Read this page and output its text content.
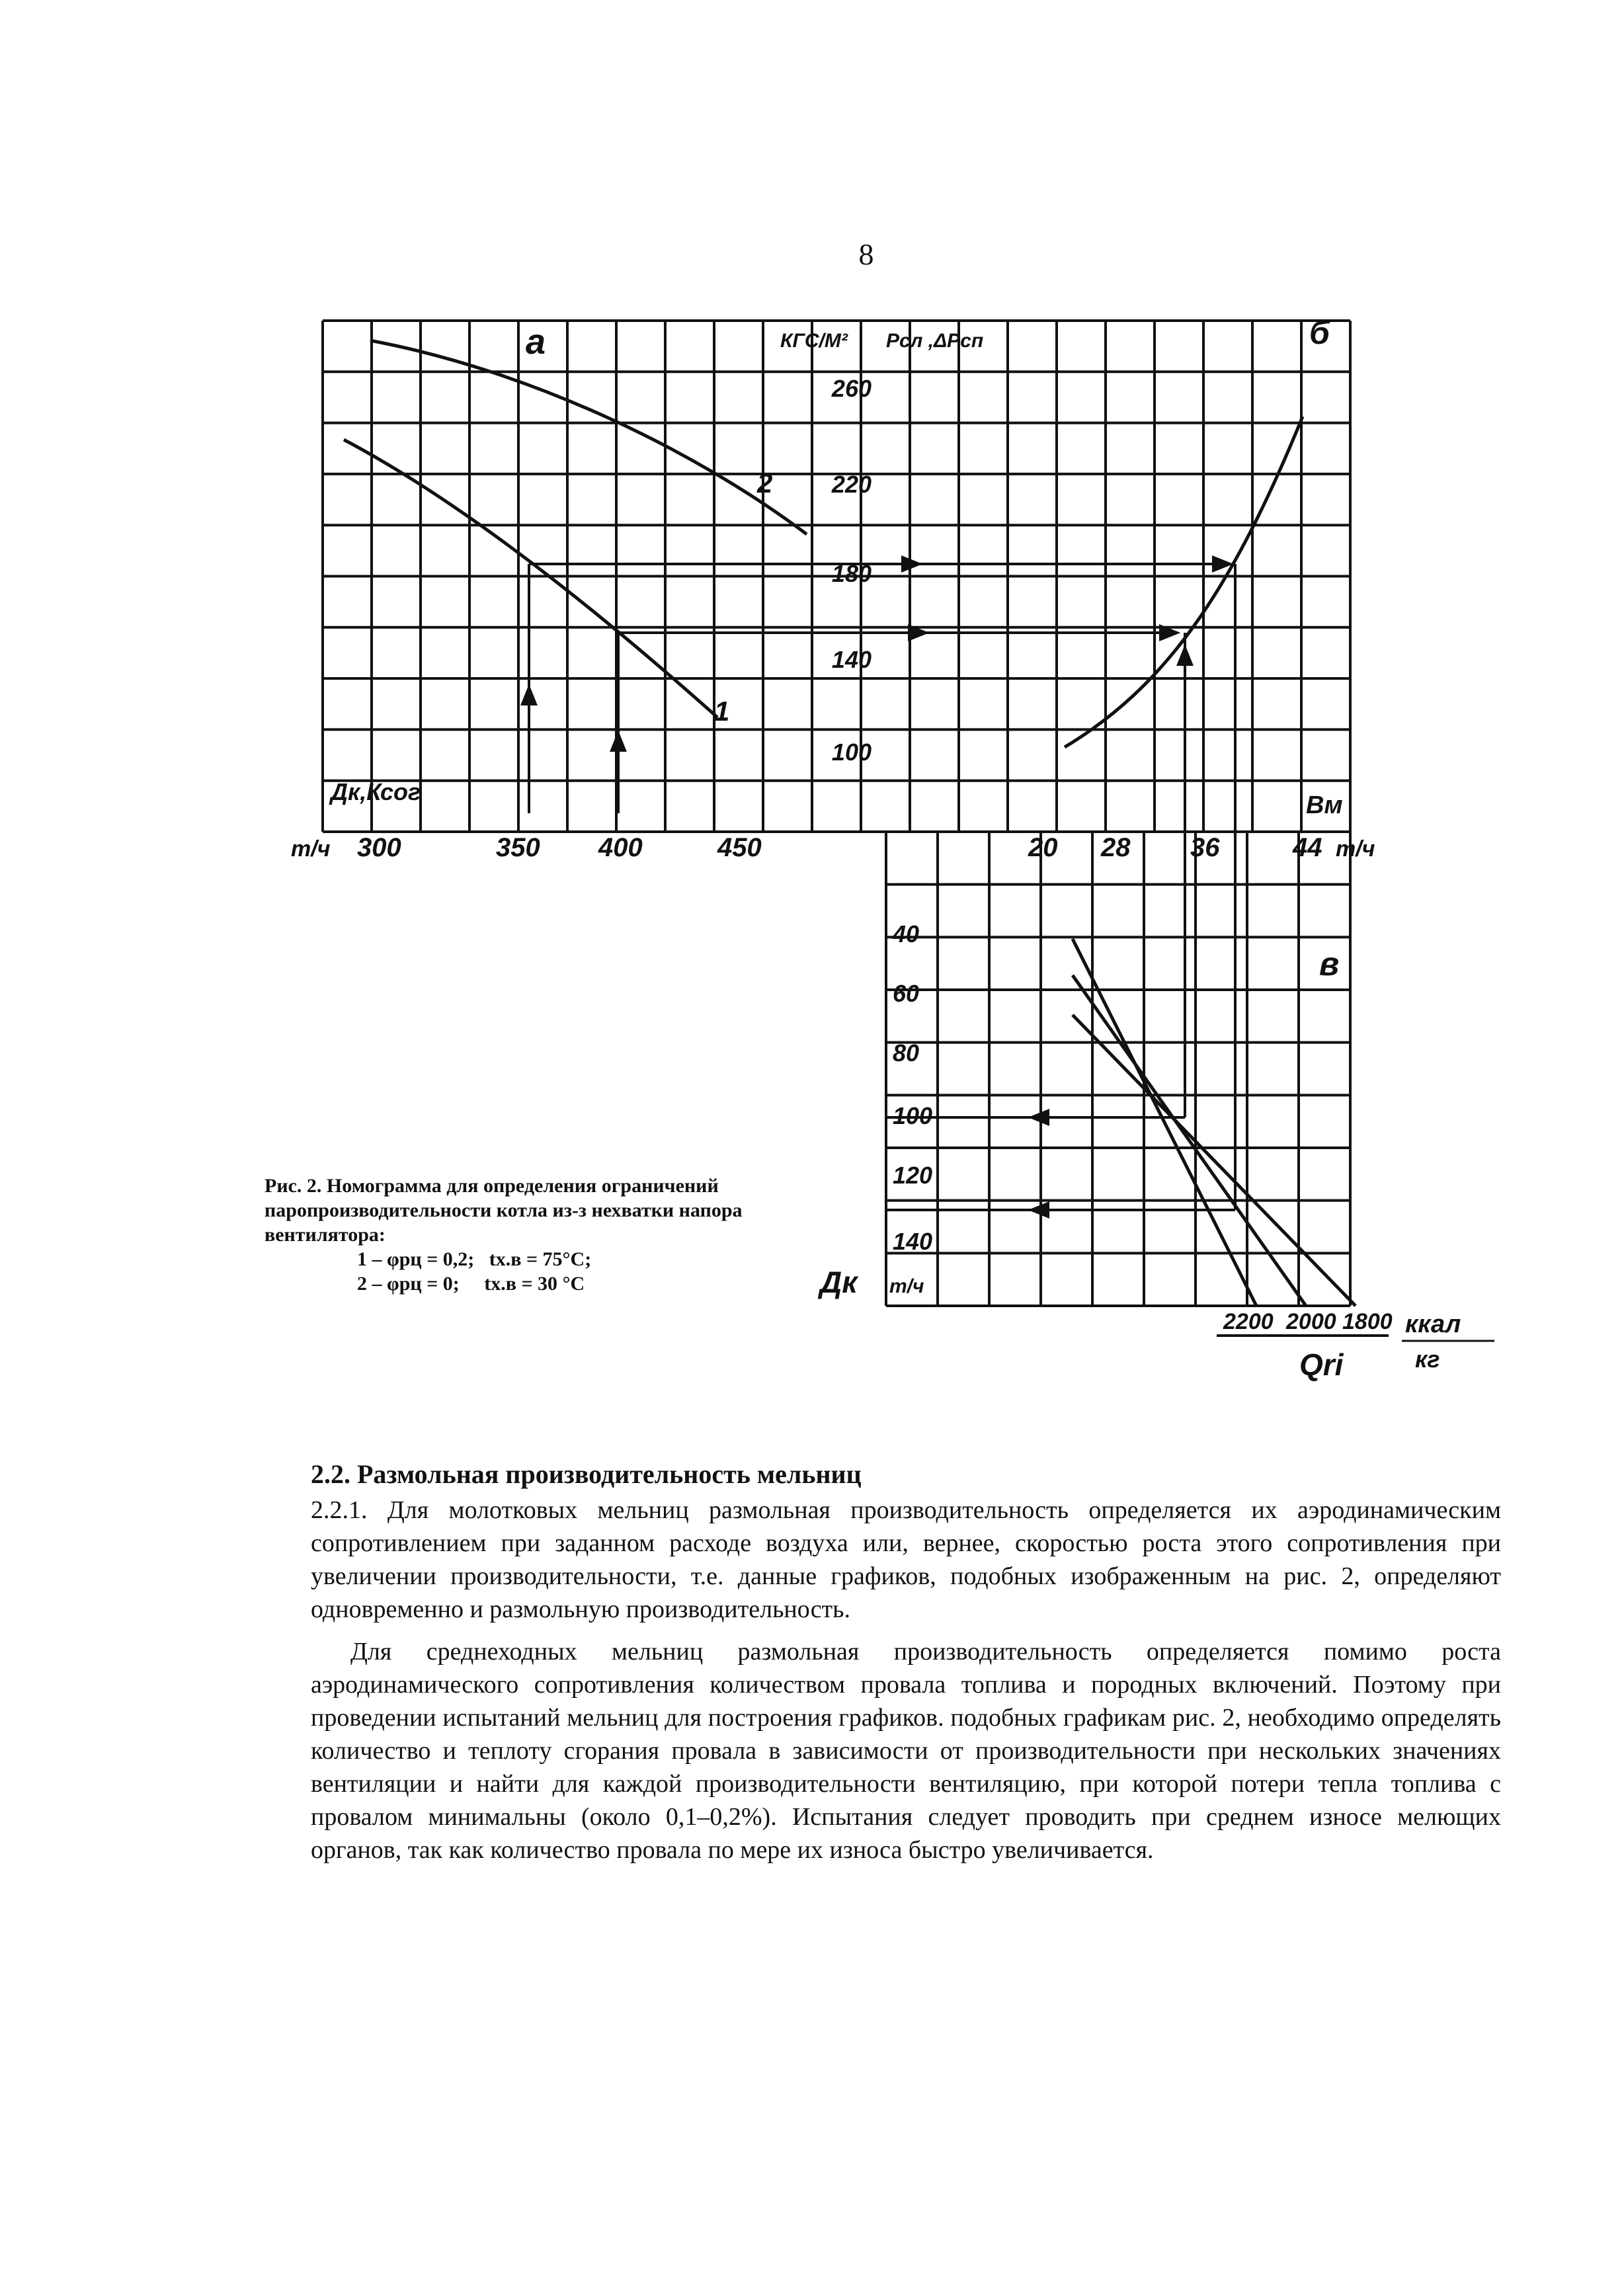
8
2
1
а	б
в
КГС/М² Рсл ,ΔРсп
260
220
180
140
100
300	350 400	450	20 28 36	44
40
60
80
100
120
140
2200 2000 1800
Дк,Ксог
т/ч
Вм
т/ч
Дк т/ч
ккал
кг
Qri

Рис. 2. Номограмма для определения ограничений паропроизводительности котла из-з нехватки напора вентилятора:

1 – φрц = 0,2;   tх.в = 75°С;

2 – φрц = 0;     tх.в = 30 °С

2.2. Размольная производительность мельниц

2.2.1. Для молотковых мельниц размольная производительность определяется их аэродинамическим сопротивлением при заданном расходе воздуха или, вернее, скоростью роста этого сопротивления при увеличении производительности, т.е. данные графиков, подобных изображенным на рис. 2, определяют одновременно и размольную производительность.

Для среднеходных мельниц размольная производительность определяется помимо роста аэродинамического сопротивления количеством провала топлива и породных включений. Поэтому при проведении испытаний мельниц для построения графиков. подобных графикам рис. 2, необходимо определять количество и теплоту сгорания провала в зависимости от производительности при нескольких значениях вентиляции и найти для каждой производительности вентиляцию, при которой потери тепла топлива с провалом минимальны (около 0,1–0,2%). Испытания следует проводить при среднем износе мелющих органов, так как количество провала по мере их износа быстро увеличивается.
